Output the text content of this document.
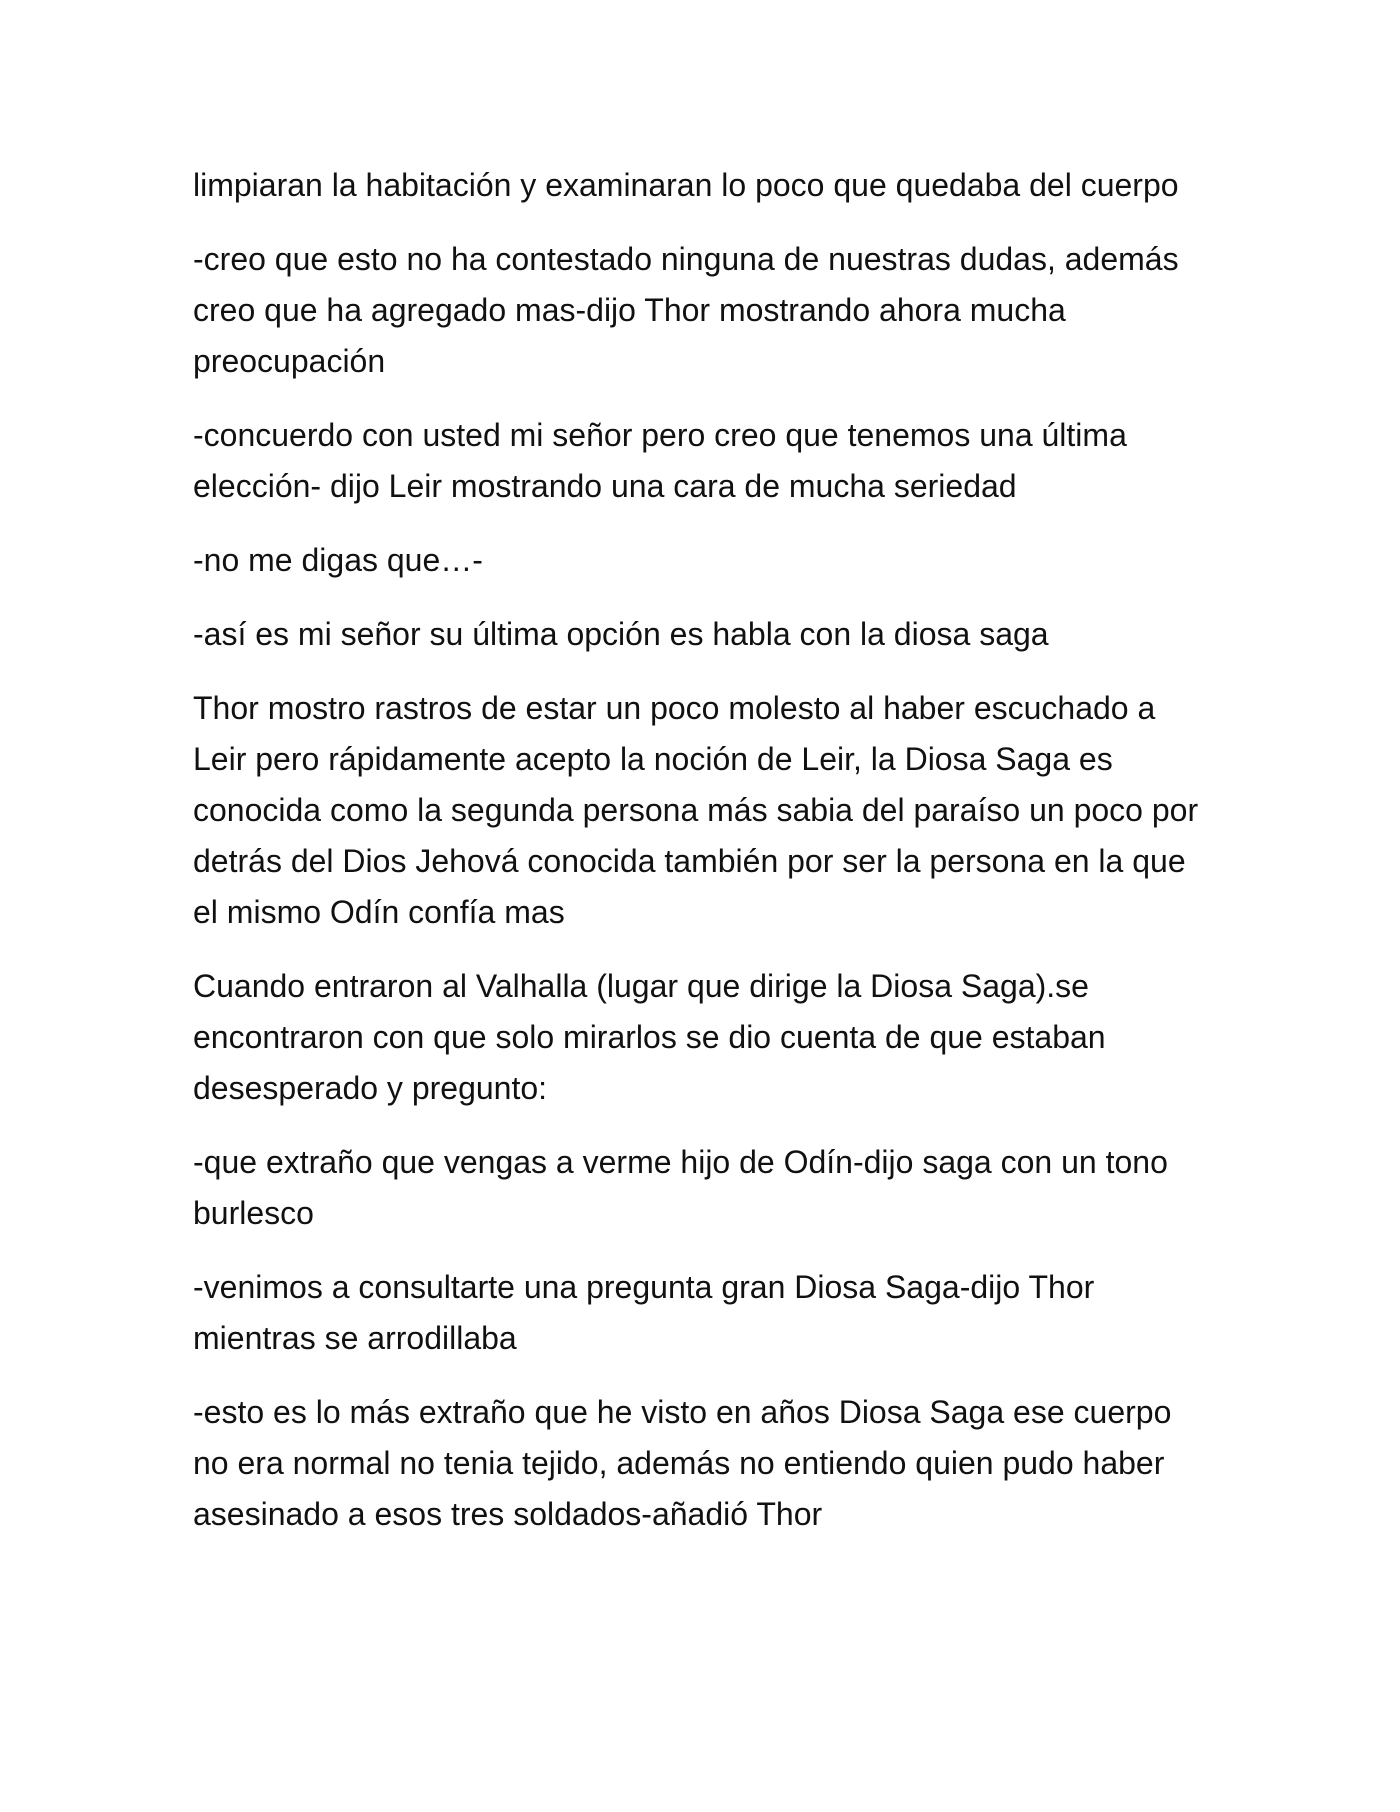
limpiaran la habitación y examinaran lo poco que quedaba del cuerpo

-creo que esto no ha contestado ninguna de nuestras dudas, además creo que ha agregado mas-dijo Thor mostrando ahora mucha preocupación

-concuerdo con usted mi señor pero creo que tenemos una última elección- dijo Leir mostrando una cara de mucha seriedad

-no me digas que…-

-así es mi señor su última opción es habla con la diosa saga

Thor mostro rastros de estar un poco molesto al haber escuchado a Leir pero rápidamente acepto la noción de Leir, la Diosa Saga es conocida como la segunda persona más sabia del paraíso un poco por detrás del Dios Jehová conocida también por ser la persona en la que el mismo Odín confía mas

Cuando entraron al Valhalla (lugar que dirige la Diosa Saga).se encontraron con que solo mirarlos se dio cuenta de que estaban desesperado y pregunto:

-que extraño que vengas a verme hijo de Odín-dijo saga con un tono burlesco

-venimos a consultarte una pregunta gran Diosa Saga-dijo Thor mientras se arrodillaba

-esto es lo más extraño que he visto en años Diosa Saga ese cuerpo no era normal no tenia tejido, además no entiendo quien pudo haber asesinado a esos tres soldados-añadió Thor
